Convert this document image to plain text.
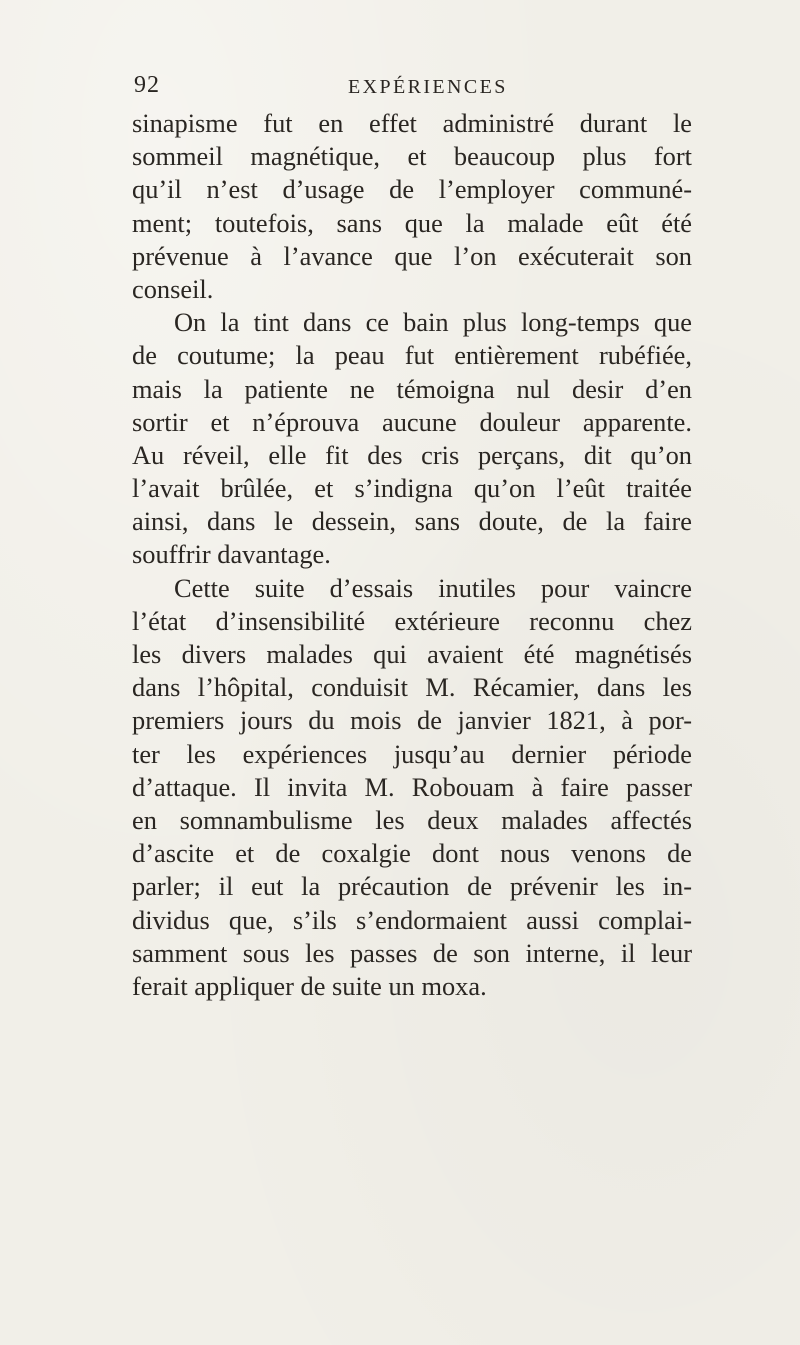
92	EXPÉRIENCES
sinapisme fut en effet administré durant le
sommeil magnétique, et beaucoup plus fort
qu’il n’est d’usage de l’employer communé-
ment; toutefois, sans que la malade eût été
prévenue à l’avance que l’on exécuterait son
conseil.
On la tint dans ce bain plus long-temps que
de coutume; la peau fut entièrement rubéfiée,
mais la patiente ne témoigna nul desir d’en
sortir et n’éprouva aucune douleur apparente.
Au réveil, elle fit des cris perçans, dit qu’on
l’avait brûlée, et s’indigna qu’on l’eût traitée
ainsi, dans le dessein, sans doute, de la faire
souffrir davantage.
Cette suite d’essais inutiles pour vaincre
l’état d’insensibilité extérieure reconnu chez
les divers malades qui avaient été magnétisés
dans l’hôpital, conduisit M. Récamier, dans les
premiers jours du mois de janvier 1821, à por-
ter les expériences jusqu’au dernier période
d’attaque. Il invita M. Robouam à faire passer
en somnambulisme les deux malades affectés
d’ascite et de coxalgie dont nous venons de
parler; il eut la précaution de prévenir les in-
dividus que, s’ils s’endormaient aussi complai-
samment sous les passes de son interne, il leur
ferait appliquer de suite un moxa.
